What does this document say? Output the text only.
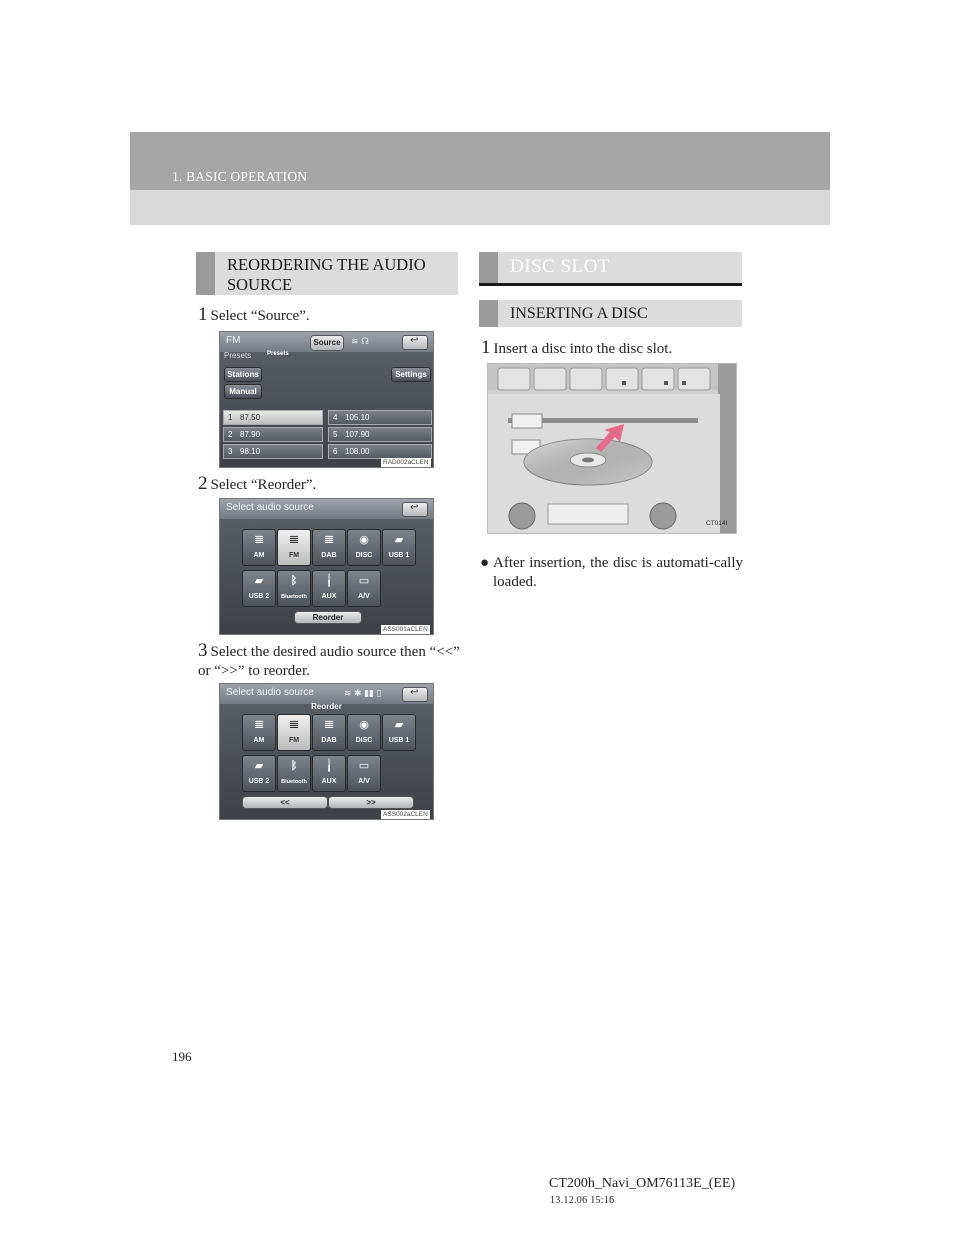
1. BASIC OPERATION
REORDERING THE AUDIO SOURCE
1 Select “Source”.
FM	Source	≋ ☊
↩
Presets	Presets
Stations
Manual
Settings
1 87.50
2 87.90
3 98.10
4 105.10
5 107.90
6 108.00
RAD002aCLEN
2 Select “Reorder”.
Select audio source
↩
𝌆
AM
𝌆
FM
𝌆
DAB
◉
DISC
▰
USB 1
▰
USB 2
ᛒ
Bluetooth
╽
AUX
▭
A/V
Reorder
ASS001aCLEN
3 Select the desired audio source then “<<” or “>>” to reorder.
Select audio source	≋ ✱ ▮▮ ▯
↩
Reorder
𝌆
AM
𝌆
FM
𝌆
DAB
◉
DISC
▰
USB 1
▰
USB 2
ᛒ
Bluetooth
╽
AUX
▭
A/V
<<	>>
ASS002aCLEN
DISC SLOT
INSERTING A DISC
1 Insert a disc into the disc slot.
CT014I
● After insertion, the disc is automati-cally loaded.
196
CT200h_Navi_OM76113E_(EE)
13.12.06 15:16
